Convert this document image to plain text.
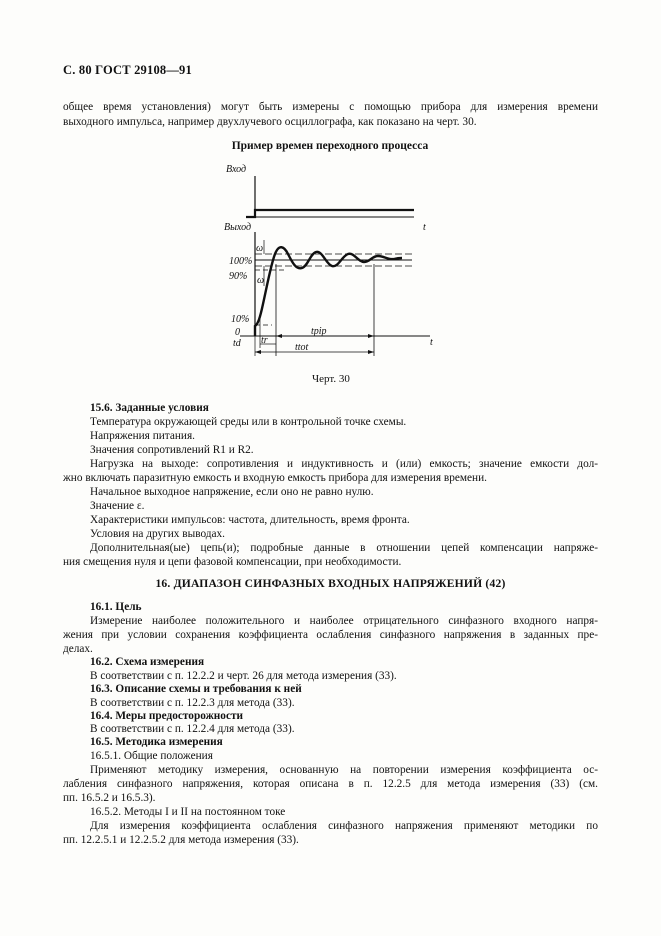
С. 80 ГОСТ 29108—91
общее время установления) могут быть измерены с помощью прибора для измерения времени
выходного импульса, например двухлучевого осциллографа, как показано на черт. 30.
Пример времен переходного процесса
Вход
t
Выход
t
100%
90%
10%
0
ω
ω
td tr
tpip
ttot
Черт. 30
15.6. Заданные условия
Температура окружающей среды или в контрольной точке схемы.
Напряжения питания.
Значения сопротивлений R1 и R2.
Нагрузка на выходе: сопротивления и индуктивность и (или) емкость; значение емкости дол-
жно включать паразитную емкость и входную емкость прибора для измерения времени.
Начальное выходное напряжение, если оно не равно нулю.
Значение ε.
Характеристики импульсов: частота, длительность, время фронта.
Условия на других выводах.
Дополнительная(ые) цепь(и); подробные данные в отношении цепей компенсации напряже-
ния смещения нуля и цепи фазовой компенсации, при необходимости.
16. ДИАПАЗОН СИНФАЗНЫХ ВХОДНЫХ НАПРЯЖЕНИЙ (42)
16.1. Цель
Измерение наиболее положительного и наиболее отрицательного синфазного входного напря-
жения при условии сохранения коэффициента ослабления синфазного напряжения в заданных пре-
делах.
16.2. Схема измерения
В соответствии с п. 12.2.2 и черт. 26 для метода измерения (33).
16.3. Описание схемы и требования к ней
В соответствии с п. 12.2.3 для метода (33).
16.4. Меры предосторожности
В соответствии с п. 12.2.4 для метода (33).
16.5. Методика измерения
16.5.1. Общие положения
Применяют методику измерения, основанную на повторении измерения коэффициента ос-
лабления синфазного напряжения, которая описана в п. 12.2.5 для метода измерения (33) (см.
пп. 16.5.2 и 16.5.3).
16.5.2. Методы I и II на постоянном токе
Для измерения коэффициента ослабления синфазного напряжения применяют методики по
пп. 12.2.5.1 и 12.2.5.2 для метода измерения (33).
